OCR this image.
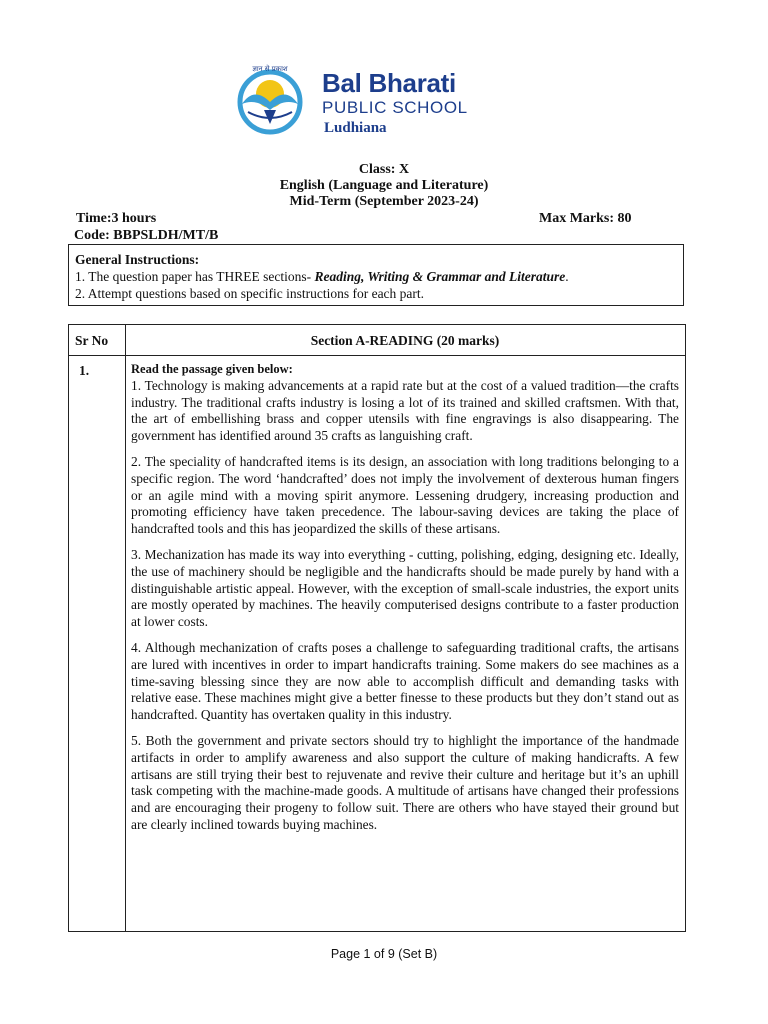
ज्ञान से प्रकाश Bal Bharati
PUBLIC SCHOOL
Ludhiana
Class: X
English (Language and Literature)
Mid-Term (September 2023-24)
Time:3 hours	Max Marks: 80
Code: BBPSLDH/MT/B
General Instructions:
1. The question paper has THREE sections- Reading, Writing & Grammar and Literature.
2. Attempt questions based on specific instructions for each part.
Sr No	Section A-READING (20 marks)
1.	Read the passage given below:

1. Technology is making advancements at a rapid rate but at the cost of a valued tradition—the crafts industry. The traditional crafts industry is losing a lot of its trained and skilled craftsmen. With that, the art of embellishing brass and copper utensils with fine engravings is also disappearing. The government has identified around 35 crafts as languishing craft.

2. The speciality of handcrafted items is its design, an association with long traditions belonging to a specific region. The word ‘handcrafted’ does not imply the involvement of dexterous human fingers or an agile mind with a moving spirit anymore. Lessening drudgery, increasing production and promoting efficiency have taken precedence. The labour-saving devices are taking the place of handcrafted tools and this has jeopardized the skills of these artisans.

3. Mechanization has made its way into everything - cutting, polishing, edging, designing etc. Ideally, the use of machinery should be negligible and the handicrafts should be made purely by hand with a distinguishable artistic appeal. However, with the exception of small-scale industries, the export units are mostly operated by machines. The heavily computerised designs contribute to a faster production at lower costs.

4. Although mechanization of crafts poses a challenge to safeguarding traditional crafts, the artisans are lured with incentives in order to impart handicrafts training. Some makers do see machines as a time-saving blessing since they are now able to accomplish difficult and demanding tasks with relative ease. These machines might give a better finesse to these products but they don’t stand out as handcrafted. Quantity has overtaken quality in this industry.

5. Both the government and private sectors should try to highlight the importance of the handmade artifacts in order to amplify awareness and also support the culture of making handicrafts. A few artisans are still trying their best to rejuvenate and revive their culture and heritage but it’s an uphill task competing with the machine-made goods. A multitude of artisans have changed their professions and are encouraging their progeny to follow suit. There are others who have stayed their ground but are clearly inclined towards buying machines.

Page 1 of 9 (Set B)
